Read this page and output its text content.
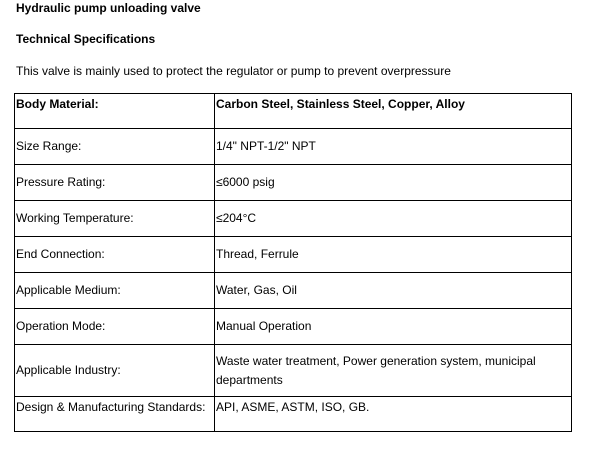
Hydraulic pump unloading valve
Technical Specifications
This valve is mainly used to protect the regulator or pump to prevent overpressure
Body Material:	Carbon Steel, Stainless Steel, Copper, Alloy
Size Range:	1/4" NPT-1/2" NPT
Pressure Rating:	≤6000 psig
Working Temperature:	≤204°C
End Connection:	Thread, Ferrule
Applicable Medium:	Water, Gas, Oil
Operation Mode:	Manual Operation
Applicable Industry:	Waste water treatment, Power generation system, municipal departments
Design & Manufacturing Standards:	API, ASME, ASTM, ISO, GB.
